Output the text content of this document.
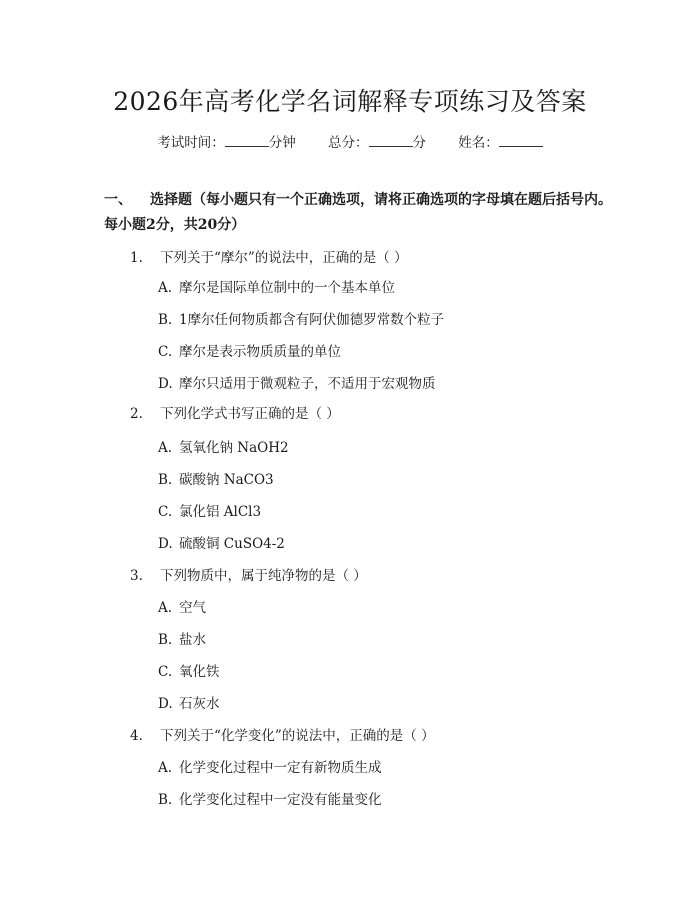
2026年高考化学名词解释专项练习及答案
考试时间：	分钟 总分：	分 姓名：
一、 选择题（每小题只有一个正确选项，请将正确选项的字母填在题后括号内。每小题2分，共20分）
1. 下列关于“摩尔”的说法中，正确的是（ ）
A. 摩尔是国际单位制中的一个基本单位
B. 1摩尔任何物质都含有阿伏伽德罗常数个粒子
C. 摩尔是表示物质质量的单位
D. 摩尔只适用于微观粒子，不适用于宏观物质
2. 下列化学式书写正确的是（ ）
A. 氢氧化钠 NaOH2
B. 碳酸钠 NaCO3
C. 氯化铝 AlCl3
D. 硫酸铜 CuSO4-2
3. 下列物质中，属于纯净物的是（ ）
A. 空气
B. 盐水
C. 氧化铁
D. 石灰水
4. 下列关于“化学变化”的说法中，正确的是（ ）
A. 化学变化过程中一定有新物质生成
B. 化学变化过程中一定没有能量变化
